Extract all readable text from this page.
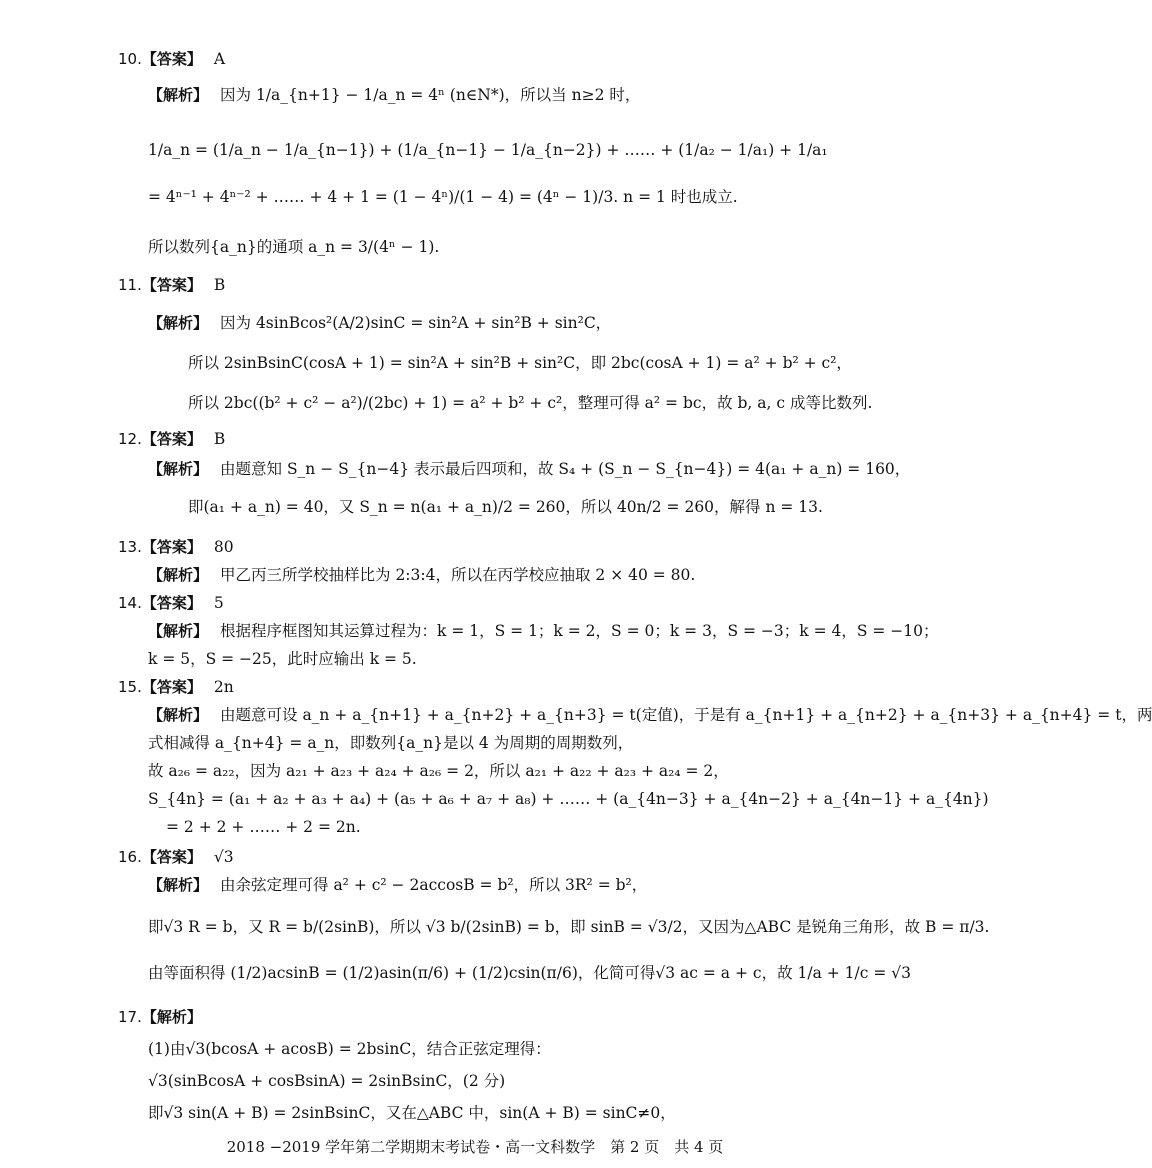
10. 【答案】 A
【解析】 因为 1/a_{n+1} − 1/a_n = 4ⁿ (n∈N*)，所以当 n≥2 时，
1/a_n = (1/a_n − 1/a_{n−1}) + (1/a_{n−1} − 1/a_{n−2}) + …… + (1/a₂ − 1/a₁) + 1/a₁
= 4ⁿ⁻¹ + 4ⁿ⁻² + …… + 4 + 1 = (1 − 4ⁿ)/(1 − 4) = (4ⁿ − 1)/3. n = 1 时也成立.
所以数列{a_n}的通项 a_n = 3/(4ⁿ − 1).
11. 【答案】 B
【解析】 因为 4sinBcos²(A/2)sinC = sin²A + sin²B + sin²C，
所以 2sinBsinC(cosA + 1) = sin²A + sin²B + sin²C，即 2bc(cosA + 1) = a² + b² + c²，
所以 2bc((b² + c² − a²)/(2bc) + 1) = a² + b² + c²，整理可得 a² = bc，故 b, a, c 成等比数列.
12. 【答案】 B
【解析】 由题意知 S_n − S_{n−4} 表示最后四项和，故 S₄ + (S_n − S_{n−4}) = 4(a₁ + a_n) = 160，
即(a₁ + a_n) = 40，又 S_n = n(a₁ + a_n)/2 = 260，所以 40n/2 = 260，解得 n = 13.
13. 【答案】 80
【解析】 甲乙丙三所学校抽样比为 2:3:4，所以在丙学校应抽取 2 × 40 = 80.
14. 【答案】 5
【解析】 根据程序框图知其运算过程为：k = 1，S = 1；k = 2，S = 0；k = 3，S = −3；k = 4，S = −10；
k = 5，S = −25，此时应输出 k = 5.
15. 【答案】 2n
【解析】 由题意可设 a_n + a_{n+1} + a_{n+2} + a_{n+3} = t(定值)，于是有 a_{n+1} + a_{n+2} + a_{n+3} + a_{n+4} = t，两
式相减得 a_{n+4} = a_n，即数列{a_n}是以 4 为周期的周期数列，
故 a₂₆ = a₂₂，因为 a₂₁ + a₂₃ + a₂₄ + a₂₆ = 2，所以 a₂₁ + a₂₂ + a₂₃ + a₂₄ = 2，
S_{4n} = (a₁ + a₂ + a₃ + a₄) + (a₅ + a₆ + a₇ + a₈) + …… + (a_{4n−3} + a_{4n−2} + a_{4n−1} + a_{4n})
= 2 + 2 + …… + 2 = 2n.
16. 【答案】 √3
【解析】 由余弦定理可得 a² + c² − 2accosB = b²，所以 3R² = b²，
即√3 R = b，又 R = b/(2sinB)，所以 √3 b/(2sinB) = b，即 sinB = √3/2，又因为△ABC 是锐角三角形，故 B = π/3.
由等面积得 (1/2)acsinB = (1/2)asin(π/6) + (1/2)csin(π/6)，化简可得√3 ac = a + c，故 1/a + 1/c = √3
17. 【解析】
(1)由√3(bcosA + acosB) = 2bsinC，结合正弦定理得：
√3(sinBcosA + cosBsinA) = 2sinBsinC，(2 分)
即√3 sin(A + B) = 2sinBsinC，又在△ABC 中，sin(A + B) = sinC≠0，
2018 −2019 学年第二学期期末考试卷・高一文科数学　第 2 页　共 4 页
